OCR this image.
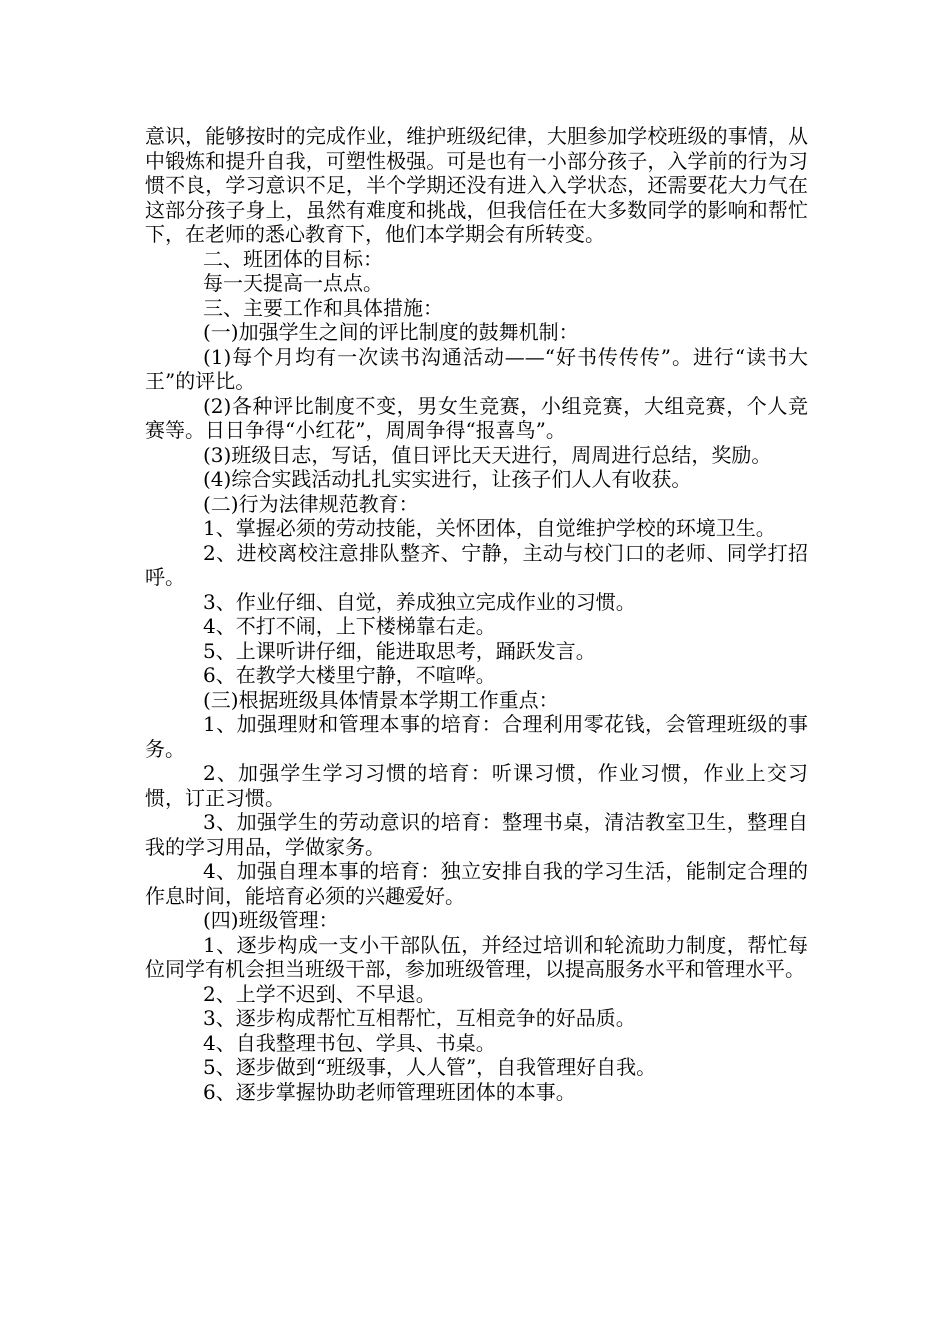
意识，能够按时的完成作业，维护班级纪律，大胆参加学校班级的事情，从中锻炼和提升自我，可塑性极强。可是也有一小部分孩子，入学前的行为习惯不良，学习意识不足，半个学期还没有进入入学状态，还需要花大力气在这部分孩子身上，虽然有难度和挑战，但我信任在大多数同学的影响和帮忙下，在老师的悉心教育下，他们本学期会有所转变。

二、班团体的目标：

每一天提高一点点。

三、主要工作和具体措施：

(一)加强学生之间的评比制度的鼓舞机制：

(1)每个月均有一次读书沟通活动——“好书传传传”。进行“读书大王”的评比。

(2)各种评比制度不变，男女生竞赛，小组竞赛，大组竞赛，个人竞赛等。日日争得“小红花”，周周争得“报喜鸟”。

(3)班级日志，写话，值日评比天天进行，周周进行总结，奖励。

(4)综合实践活动扎扎实实进行，让孩子们人人有收获。

(二)行为法律规范教育：

1、掌握必须的劳动技能，关怀团体，自觉维护学校的环境卫生。

2、进校离校注意排队整齐、宁静，主动与校门口的老师、同学打招呼。

3、作业仔细、自觉，养成独立完成作业的习惯。

4、不打不闹，上下楼梯靠右走。

5、上课听讲仔细，能进取思考，踊跃发言。

6、在教学大楼里宁静，不喧哗。

(三)根据班级具体情景本学期工作重点：

1、加强理财和管理本事的培育：合理利用零花钱，会管理班级的事务。

2、加强学生学习习惯的培育：听课习惯，作业习惯，作业上交习惯，订正习惯。

3、加强学生的劳动意识的培育：整理书桌，清洁教室卫生，整理自我的学习用品，学做家务。

4、加强自理本事的培育：独立安排自我的学习生活，能制定合理的作息时间，能培育必须的兴趣爱好。

(四)班级管理：

1、逐步构成一支小干部队伍，并经过培训和轮流助力制度，帮忙每位同学有机会担当班级干部，参加班级管理，以提高服务水平和管理水平。

2、上学不迟到、不早退。

3、逐步构成帮忙互相帮忙，互相竞争的好品质。

4、自我整理书包、学具、书桌。

5、逐步做到“班级事，人人管”，自我管理好自我。

6、逐步掌握协助老师管理班团体的本事。
